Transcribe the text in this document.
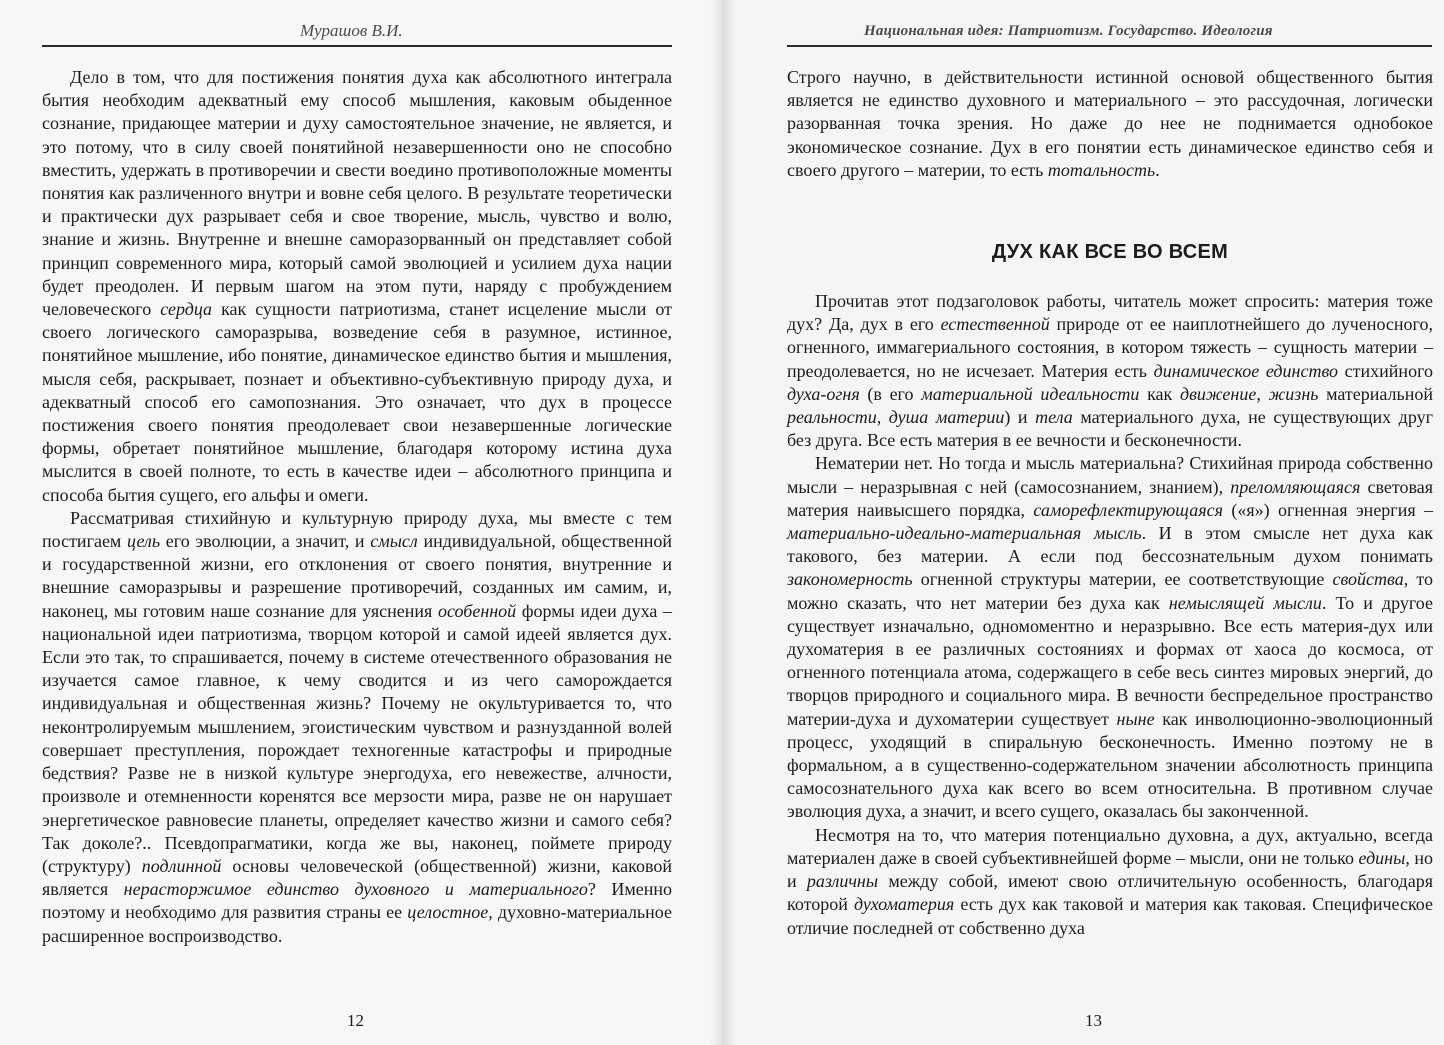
Мурашов В.И.

Дело в том, что для постижения понятия духа как абсолютного интеграла бытия необходим адекватный ему способ мышления, каковым обыденное сознание, придающее материи и духу самостоятельное значение, не является, и это потому, что в силу своей понятийной незавершенности оно не способно вместить, удержать в противоречии и свести воедино противоположные моменты понятия как различенного внутри и вовне себя целого. В результате теоретически и практически дух разрывает себя и свое творение, мысль, чувство и волю, знание и жизнь. Внутренне и внешне саморазорванный он представляет собой принцип современного мира, который самой эволюцией и усилием духа нации будет преодолен. И первым шагом на этом пути, наряду с пробуждением человеческого сердца как сущности патриотизма, станет исцеление мысли от своего логического саморазрыва, возведение себя в разумное, истинное, понятийное мышление, ибо понятие, динамическое единство бытия и мышления, мысля себя, раскрывает, познает и объективно-субъективную природу духа, и адекватный способ его самопознания. Это означает, что дух в процессе постижения своего понятия преодолевает свои незавершенные логические формы, обретает понятийное мышление, благодаря которому истина духа мыслится в своей полноте, то есть в качестве идеи – абсолютного принципа и способа бытия сущего, его альфы и омеги.

Рассматривая стихийную и культурную природу духа, мы вместе с тем постигаем цель его эволюции, а значит, и смысл индивидуальной, общественной и государственной жизни, его отклонения от своего понятия, внутренние и внешние саморазрывы и разрешение противоречий, созданных им самим, и, наконец, мы готовим наше сознание для уяснения особенной формы идеи духа – национальной идеи патриотизма, творцом которой и самой идеей является дух. Если это так, то спрашивается, почему в системе отечественного образования не изучается самое главное, к чему сводится и из чего саморождается индивидуальная и общественная жизнь? Почему не окультуривается то, что неконтролируемым мышлением, эгоистическим чувством и разнузданной волей совершает преступления, порождает техногенные катастрофы и природные бедствия? Разве не в низкой культуре энергодуха, его невежестве, алчности, произволе и отемненности коренятся все мерзости мира, разве не он нарушает энергетическое равновесие планеты, определяет качество жизни и самого себя? Так доколе?.. Псевдопрагматики, когда же вы, наконец, поймете природу (структуру) подлинной основы человеческой (общественной) жизни, каковой является нерасторжимое единство духовного и материального? Именно поэтому и необходимо для развития страны ее целостное, духовно-материальное расширенное воспроизводство.

12
Национальная идея: Патриотизм. Государство. Идеология

Строго научно, в действительности истинной основой общественного бытия является не единство духовного и материального – это рассудочная, логически разорванная точка зрения. Но даже до нее не поднимается однобокое экономическое сознание. Дух в его понятии есть динамическое единство себя и своего другого – материи, то есть тотальность.

ДУХ КАК ВСЕ ВО ВСЕМ

Прочитав этот подзаголовок работы, читатель может спросить: материя тоже дух? Да, дух в его естественной природе от ее наиплотнейшего до лученосного, огненного, иммагериального состояния, в котором тяжесть – сущность материи – преодолевается, но не исчезает. Материя есть динамическое единство стихийного духа-огня (в его материальной идеальности как движение, жизнь материальной реальности, душа материи) и тела материального духа, не существующих друг без друга. Все есть материя в ее вечности и бесконечности.

Нематерии нет. Но тогда и мысль материальна? Стихийная природа собственно мысли – неразрывная с ней (самосознанием, знанием), преломляющаяся световая материя наивысшего порядка, саморефлектирующаяся («я») огненная энергия – материально-идеально-материальная мысль. И в этом смысле нет духа как такового, без материи. А если под бессознательным духом понимать закономерность огненной структуры материи, ее соответствующие свойства, то можно сказать, что нет материи без духа как немыслящей мысли. То и другое существует изначально, одномоментно и неразрывно. Все есть материя-дух или духоматерия в ее различных состояниях и формах от хаоса до космоса, от огненного потенциала атома, содержащего в себе весь синтез мировых энергий, до творцов природного и социального мира. В вечности беспредельное пространство материи-духа и духоматерии существует ныне как инволюционно-эволюционный процесс, уходящий в спиральную бесконечность. Именно поэтому не в формальном, а в существенно-содержательном значении абсолютность принципа самосознательного духа как всего во всем относительна. В противном случае эволюция духа, а значит, и всего сущего, оказалась бы законченной.

Несмотря на то, что материя потенциально духовна, а дух, актуально, всегда материален даже в своей субъективнейшей форме – мысли, они не только едины, но и различны между собой, имеют свою отличительную особенность, благодаря которой духоматерия есть дух как таковой и материя как таковая. Специфическое отличие последней от собственно духа

13
